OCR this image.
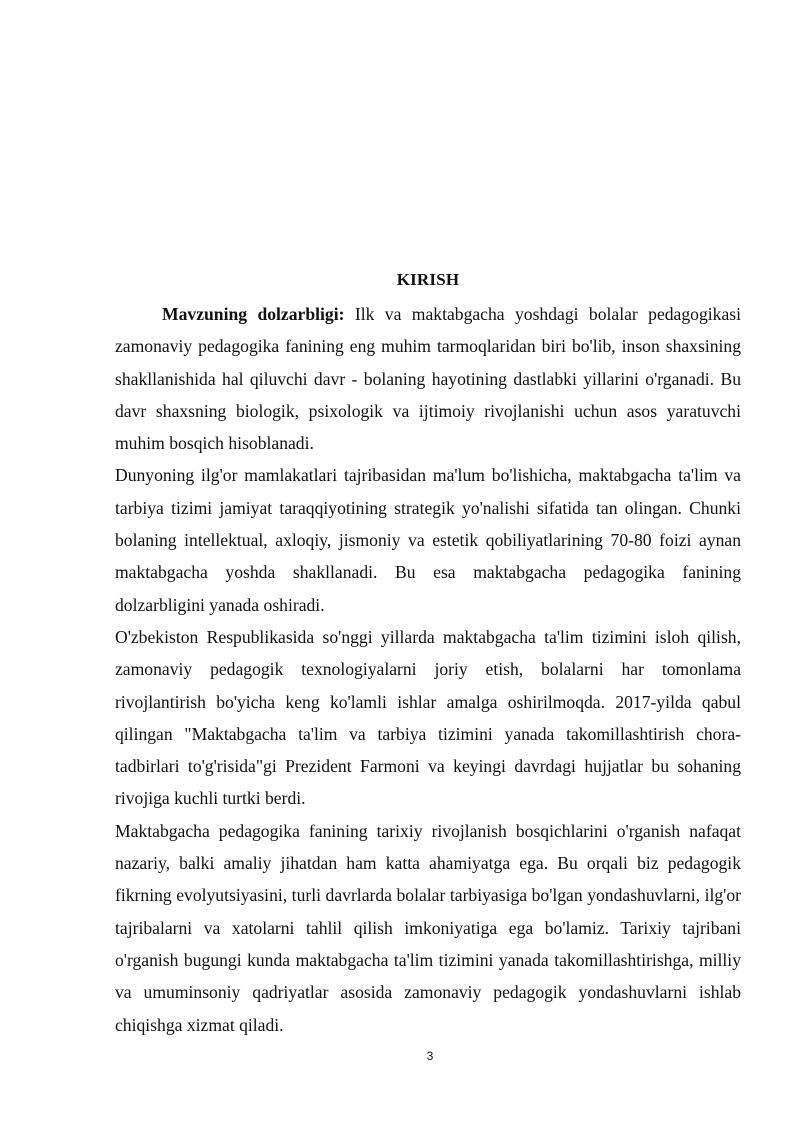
KIRISH

Mavzuning dolzarbligi: Ilk va maktabgacha yoshdagi bolalar pedagogikasi zamonaviy pedagogika fanining eng muhim tarmoqlaridan biri bo'lib, inson shaxsining shakllanishida hal qiluvchi davr - bolaning hayotining dastlabki yillarini o'rganadi. Bu davr shaxsning biologik, psixologik va ijtimoiy rivojlanishi uchun asos yaratuvchi muhim bosqich hisoblanadi.

Dunyoning ilg'or mamlakatlari tajribasidan ma'lum bo'lishicha, maktabgacha ta'lim va tarbiya tizimi jamiyat taraqqiyotining strategik yo'nalishi sifatida tan olingan. Chunki bolaning intellektual, axloqiy, jismoniy va estetik qobiliyatlarining 70-80 foizi aynan maktabgacha yoshda shakllanadi. Bu esa maktabgacha pedagogika fanining dolzarbligini yanada oshiradi.

O'zbekiston Respublikasida so'nggi yillarda maktabgacha ta'lim tizimini isloh qilish, zamonaviy pedagogik texnologiyalarni joriy etish, bolalarni har tomonlama rivojlantirish bo'yicha keng ko'lamli ishlar amalga oshirilmoqda. 2017-yilda qabul qilingan "Maktabgacha ta'lim va tarbiya tizimini yanada takomillashtirish chora-tadbirlari to'g'risida"gi Prezident Farmoni va keyingi davrdagi hujjatlar bu sohaning rivojiga kuchli turtki berdi.

Maktabgacha pedagogika fanining tarixiy rivojlanish bosqichlarini o'rganish nafaqat nazariy, balki amaliy jihatdan ham katta ahamiyatga ega. Bu orqali biz pedagogik fikrning evolyutsiyasini, turli davrlarda bolalar tarbiyasiga bo'lgan yondashuvlarni, ilg'or tajribalarni va xatolarni tahlil qilish imkoniyatiga ega bo'lamiz. Tarixiy tajribani o'rganish bugungi kunda maktabgacha ta'lim tizimini yanada takomillashtirishga, milliy va umuminsoniy qadriyatlar asosida zamonaviy pedagogik yondashuvlarni ishlab chiqishga xizmat qiladi.

3
